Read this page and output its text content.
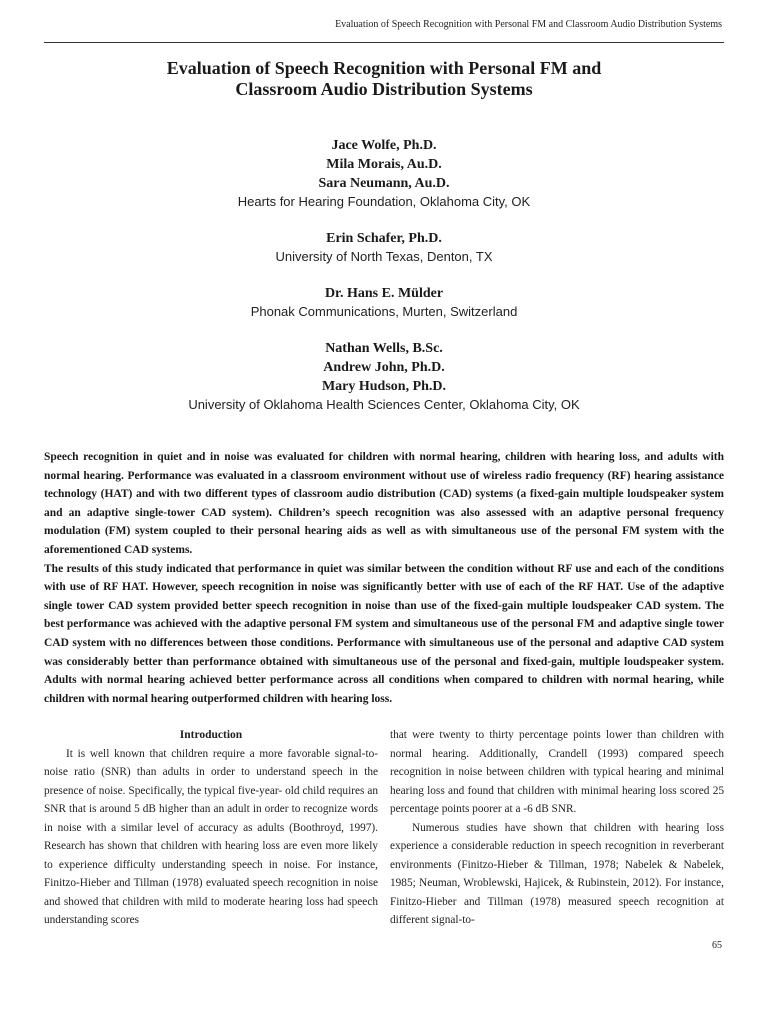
Evaluation of Speech Recognition with Personal FM and Classroom Audio Distribution Systems
Evaluation of Speech Recognition with Personal FM and
Classroom Audio Distribution Systems
Jace Wolfe, Ph.D.
Mila Morais, Au.D.
Sara Neumann, Au.D.
Hearts for Hearing Foundation, Oklahoma City, OK
Erin Schafer, Ph.D.
University of North Texas, Denton, TX
Dr. Hans E. Mülder
Phonak Communications, Murten, Switzerland
Nathan Wells, B.Sc.
Andrew John, Ph.D.
Mary Hudson, Ph.D.
University of Oklahoma Health Sciences Center, Oklahoma City, OK

Speech recognition in quiet and in noise was evaluated for children with normal hearing, children with hearing loss, and adults with normal hearing. Performance was evaluated in a classroom environment without use of wireless radio frequency (RF) hearing assistance technology (HAT) and with two different types of classroom audio distribution (CAD) systems (a fixed-gain multiple loudspeaker system and an adaptive single-tower CAD system). Children’s speech recognition was also assessed with an adaptive personal frequency modulation (FM) system coupled to their personal hearing aids as well as with simultaneous use of the personal FM system with the aforementioned CAD systems.

The results of this study indicated that performance in quiet was similar between the condition without RF use and each of the conditions with use of RF HAT. However, speech recognition in noise was significantly better with use of each of the RF HAT. Use of the adaptive single tower CAD system provided better speech recognition in noise than use of the fixed-gain multiple loudspeaker CAD system. The best performance was achieved with the adaptive personal FM system and simultaneous use of the personal FM and adaptive single tower CAD system with no differences between those conditions. Performance with simultaneous use of the personal and adaptive CAD system was considerably better than performance obtained with simultaneous use of the personal and fixed-gain, multiple loudspeaker system. Adults with normal hearing achieved better performance across all conditions when compared to children with normal hearing, while children with normal hearing outperformed children with hearing loss.

Introduction

It is well known that children require a more favorable signal-to-noise ratio (SNR) than adults in order to understand speech in the presence of noise. Specifically, the typical five-year- old child requires an SNR that is around 5 dB higher than an adult in order to recognize words in noise with a similar level of accuracy as adults (Boothroyd, 1997). Research has shown that children with hearing loss are even more likely to experience difficulty understanding speech in noise. For instance, Finitzo-Hieber and Tillman (1978) evaluated speech recognition in noise and showed that children with mild to moderate hearing loss had speech understanding scores

that were twenty to thirty percentage points lower than children with normal hearing. Additionally, Crandell (1993) compared speech recognition in noise between children with typical hearing and minimal hearing loss and found that children with minimal hearing loss scored 25 percentage points poorer at a -6 dB SNR.

Numerous studies have shown that children with hearing loss experience a considerable reduction in speech recognition in reverberant environments (Finitzo-Hieber & Tillman, 1978; Nabelek & Nabelek, 1985; Neuman, Wroblewski, Hajicek, & Rubinstein, 2012). For instance, Finitzo-Hieber and Tillman (1978) measured speech recognition at different signal-to-

65
